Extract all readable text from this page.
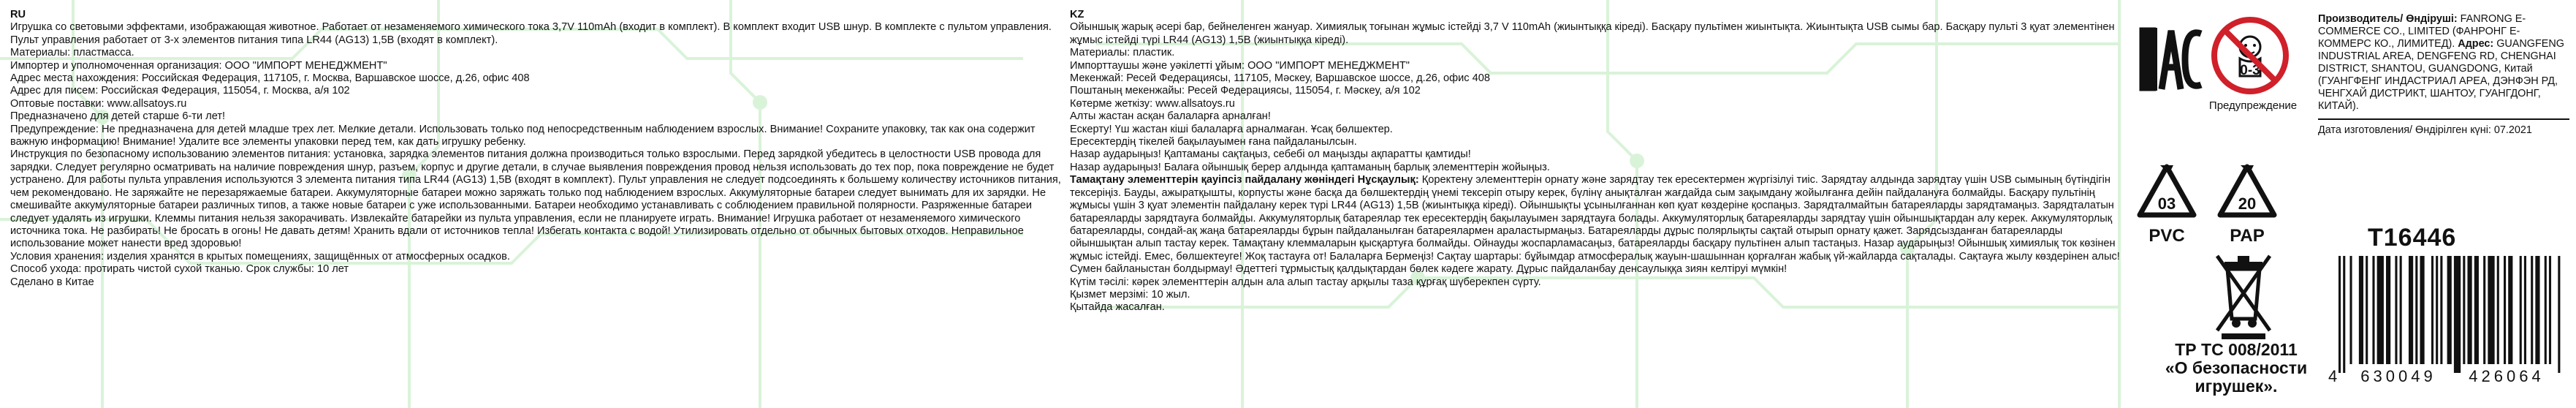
RU

Игрушка со световыми эффектами, изображающая животное. Работает от незаменяемого химического тока 3,7V 110mAh (входит в комплект). В комплект входит USB шнур. В комплекте с пультом управления. Пульт управления работает от 3-х элементов питания типа LR44 (AG13) 1,5В (входят в комплект).

Материалы: пластмасса.

Импортер и уполномоченная организация: ООО "ИМПОРТ МЕНЕДЖМЕНТ"

Адрес места нахождения: Российская Федерация, 117105, г. Москва, Варшавское шоссе, д.26, офис 408

Адрес для писем: Российская Федерация, 115054, г. Москва, а/я 102

Оптовые поставки: www.allsatoys.ru

Предназначено для детей старше 6-ти лет!

Предупреждение: Не предназначена для детей младше трех лет. Мелкие детали. Использовать только под непосредственным наблюдением взрослых. Внимание! Сохраните упаковку, так как она содержит важную информацию! Внимание! Удалите все элементы упаковки перед тем, как дать игрушку ребенку.

Инструкция по безопасному использованию элементов питания: установка, зарядка элементов питания должна производиться только взрослыми. Перед зарядкой убедитесь в целостности USB провода для зарядки. Следует регулярно осматривать на наличие повреждения шнур, разъем, корпус и другие детали, в случае выявления повреждения провод нельзя использовать до тех пор, пока повреждение не будет устранено. Для работы пульта управления используются 3 элемента питания типа LR44 (AG13) 1,5В (входят в комплект). Пульт управления не следует подсоединять к большему количеству источников питания, чем рекомендовано. Не заряжайте не перезаряжаемые батареи. Аккумуляторные батареи можно заряжать только под наблюдением взрослых. Аккумуляторные батареи следует вынимать для их зарядки. Не смешивайте аккумуляторные батареи различных типов, а также новые батареи с уже использованными. Батареи необходимо устанавливать с соблюдением правильной полярности. Разряженные батареи следует удалять из игрушки. Клеммы питания нельзя закорачивать. Извлекайте батарейки из пульта управления, если не планируете играть. Внимание! Игрушка работает от незаменяемого химического источника тока. Не разбирать! Не бросать в огонь! Не давать детям! Хранить вдали от источников тепла! Избегать контакта с водой! Утилизировать отдельно от обычных бытовых отходов. Неправильное использование может нанести вред здоровью!

Условия хранения: изделия хранятся в крытых помещениях, защищённых от атмосферных осадков.

Способ ухода: протирать чистой сухой тканью. Срок службы: 10 лет

Сделано в Китае

KZ

Ойыншық жарық әсері бар, бейнеленген жануар. Химиялық тоғынан жұмыс істейді 3,7 V 110mAh (жиынтыққа кіреді). Басқару пультімен жиынтықта. Жиынтықта USB сымы бар. Басқару пульті 3 қуат элементінен жұмыс істейді түрі LR44 (AG13) 1,5В (жиынтыққа кіреді).

Материалы: пластик.

Импорттаушы және уәкілетті ұйым: ООО "ИМПОРТ МЕНЕДЖМЕНТ"

Мекенжай: Ресей Федерациясы, 117105, Мәскеу, Варшавское шоссе, д.26, офис 408

Поштаның мекенжайы: Ресей Федерациясы, 115054, г. Мәскеу, а/я 102

Көтерме жеткізу: www.allsatoys.ru

Алты жастан асқан балаларға арналған!

Ескерту! Үш жастан кіші балаларға арналмаған. Ұсақ бөлшектер.

Ересектердің тікелей бақылауымен ғана пайдаланылсын.

Назар аударыңыз! Қаптаманы сақтаңыз, себебі ол маңызды ақпаратты қамтиды!

Назар аударыңыз! Балаға ойыншық берер алдында қаптаманың барлық элементтерін жойыңыз.

Тамақтану элементтерін қауіпсіз пайдалану жөніндегі Нұсқаулық: Қоректену элементтерін орнату және зарядтау тек ересектермен жүргізілуі тиіс. Зарядтау алдында зарядтау үшін USB сымының бүтіндігін тексеріңіз. Бауды, ажыратқышты, корпусты және басқа да бөлшектердің үнемі тексеріп отыру керек, бүлінү анықталған жағдайда сым зақымдану жойылғанға дейін пайдалануға болмайды. Басқару пультінің жұмысы үшін 3 қуат элементін пайдалану керек түрі LR44 (AG13) 1,5В (жиынтыққа кіреді). Ойыншықты ұсынылғаннан көп қуат көздеріне қоспаңыз. Зарядталмайтын батареяларды зарядтамаңыз. Зарядталатын батареяларды зарядтауға болмайды. Аккумуляторлық батареялар тек ересектердің бақылауымен зарядтауға болады. Аккумуляторлық батареяларды зарядтау үшін ойыншықтардан алу керек. Аккумуляторлық батареяларды, сондай-ақ жаңа батареяларды бұрын пайдаланылған батареялармен араластырмаңыз. Батареяларды дұрыс полярлықты сақтай отырып орнату қажет. Зарядсызданған батареяларды ойыншықтан алып тастау керек. Тамақтану клеммаларын қысқартуға болмайды. Ойнауды жоспарламасаңыз, батареяларды басқару пультінен алып тастаңыз. Назар аударыңыз! Ойыншық химиялық ток көзінен жұмыс істейді. Емес, бөлшектеуге! Жоқ тастауға от! Балаларға Бермеңіз! Сақтау шартары: бұйымдар атмосфералық жауын-шашыннан қорғалған жабық үй-жайларда сақталады. Сақтауға жылу көздерінен алыс! Сумен байланыстан болдырмау! Әдеттегі тұрмыстық қалдықтардан бөлек кәдеге жарату. Дұрыс пайдаланбау денсаулыққа зиян келтіруі мүмкін!

Күтім тәсілі: кәрек элементтерін алдын ала алып тастау арқылы таза құрғақ шүберекпен сүрту.

Қызмет мерзімі: 10 жыл.

Қытайда жасалған.

0-3
Предупреждение
03
PVC
20
PAP
ТР ТС 008/2011
«О безопасности
игрушек».
Производитель/ Өндіруші: FANRONG E-COMMERCE CO., LIMITED (ФАНРОНГ Е-КОММЕРС КО., ЛИМИТЕД). Адрес: GUANGFENG INDUSTRIAL AREA, DENGFENG RD, CHENGHAI DISTRICT, SHANTOU, GUANGDONG, Китай (ГУАНГФЕНГ ИНДАСТРИАЛ АРЕА, ДЭНФЭН РД, ЧЕНГХАЙ ДИСТРИКТ, ШАНТОУ, ГУАНГДОНГ, КИТАЙ).
Дата изготовления/ Өндірілген күні: 07.2021
T16446
4 630049 426064
